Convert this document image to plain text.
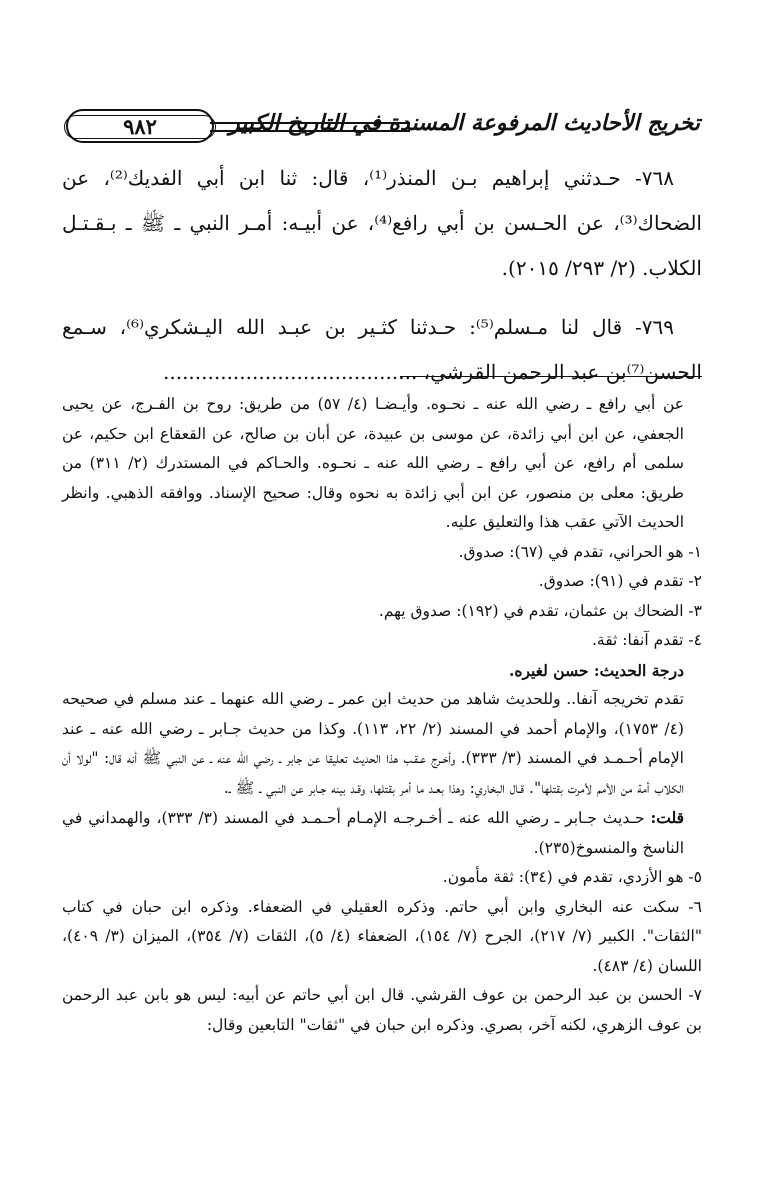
٩٨٢	تخريج الأحاديث المرفوعة المسندة في التاريخ الكبير

٧٦٨- حـدثني إبراهيم بـن المنذر⁽¹⁾، قال: ثنا ابن أبي الفديك⁽²⁾، عن الضحاك⁽³⁾، عن الحـسن بن أبي رافع⁽⁴⁾، عن أبيـه: أمـر النبي ـ ﷺ ـ بـقـتـل الكلاب. (٢/ ٢٩٣/ ٢٠١٥).

٧٦٩- قال لنا مـسلم⁽⁵⁾: حـدثنا كثـير بن عبـد الله اليـشكري⁽⁶⁾، سـمع الحسن⁽⁷⁾بن عبد الرحمن القرشي، ........................................

عن أبي رافع ـ رضي الله عنه ـ نحـوه. وأيـضـا (٤/ ٥٧) من طريق: روح بن الفـرج، عن يحيى الجعفي، عن ابن أبي زائدة، عن موسى بن عبيدة، عن أبان بن صالح، عن القعقاع ابن حكيم، عن سلمى أم رافع، عن أبي رافع ـ رضي الله عنه ـ نحـوه. والحـاكم في المستدرك (٢/ ٣١١) من طريق: معلى بن منصور، عن ابن أبي زائدة به نحوه وقال: صحيح الإسناد. ووافقه الذهبي. وانظر الحديث الآتي عقب هذا والتعليق عليه.

١- هو الحراني، تقدم في (٦٧): صدوق.

٢- تقدم في (٩١): صدوق.

٣- الضحاك بن عثمان، تقدم في (١٩٢): صدوق يهم.

٤- تقدم آنفا: ثقة.

درجة الحديث: حسن لغيره.

تقدم تخريجه آنفا.. وللحديث شاهد من حديث ابن عمر ـ رضي الله عنهما ـ عند مسلم في صحيحه (٤/ ١٧٥٣)، والإمام أحمد في المسند (٢/ ٢٢، ١١٣). وكذا من حديث جـابر ـ رضي الله عنه ـ عند الإمام أحـمـد في المسند (٣/ ٣٣٣). وأخـرج عـقـب هذا الحديث تعليقا عن جابر ـ رضي الله عنه ـ عن النبي ﷺ أنه قال: "لولا أن الكلاب أمة من الأمم لأمرت بقتلها". قـال البخاري: وهذا بعـد ما أمر بقتلها، وقـد بينه جـابر عن النبي ـ ﷺ ـ.

قلت: حـديث جـابر ـ رضي الله عنه ـ أخـرجـه الإمـام أحـمـد في المسند (٣/ ٣٣٣)، والهمداني في الناسخ والمنسوخ(٢٣٥).

٥- هو الأزدي، تقدم في (٣٤): ثقة مأمون.

٦- سكت عنه البخاري وابن أبي حاتم. وذكره العقيلي في الضعفاء. وذكره ابن حبان في كتاب "الثقات". الكبير (٧/ ٢١٧)، الجرح (٧/ ١٥٤)، الضعفاء (٤/ ٥)، الثقات (٧/ ٣٥٤)، الميزان (٣/ ٤٠٩)، اللسان (٤/ ٤٨٣).

٧- الحسن بن عبد الرحمن بن عوف القرشي. قال ابن أبي حاتم عن أبيه: ليس هو بابن عبد الرحمن بن عوف الزهري، لكنه آخر، بصري. وذكره ابن حبان في "ثقات" التابعين وقال:
